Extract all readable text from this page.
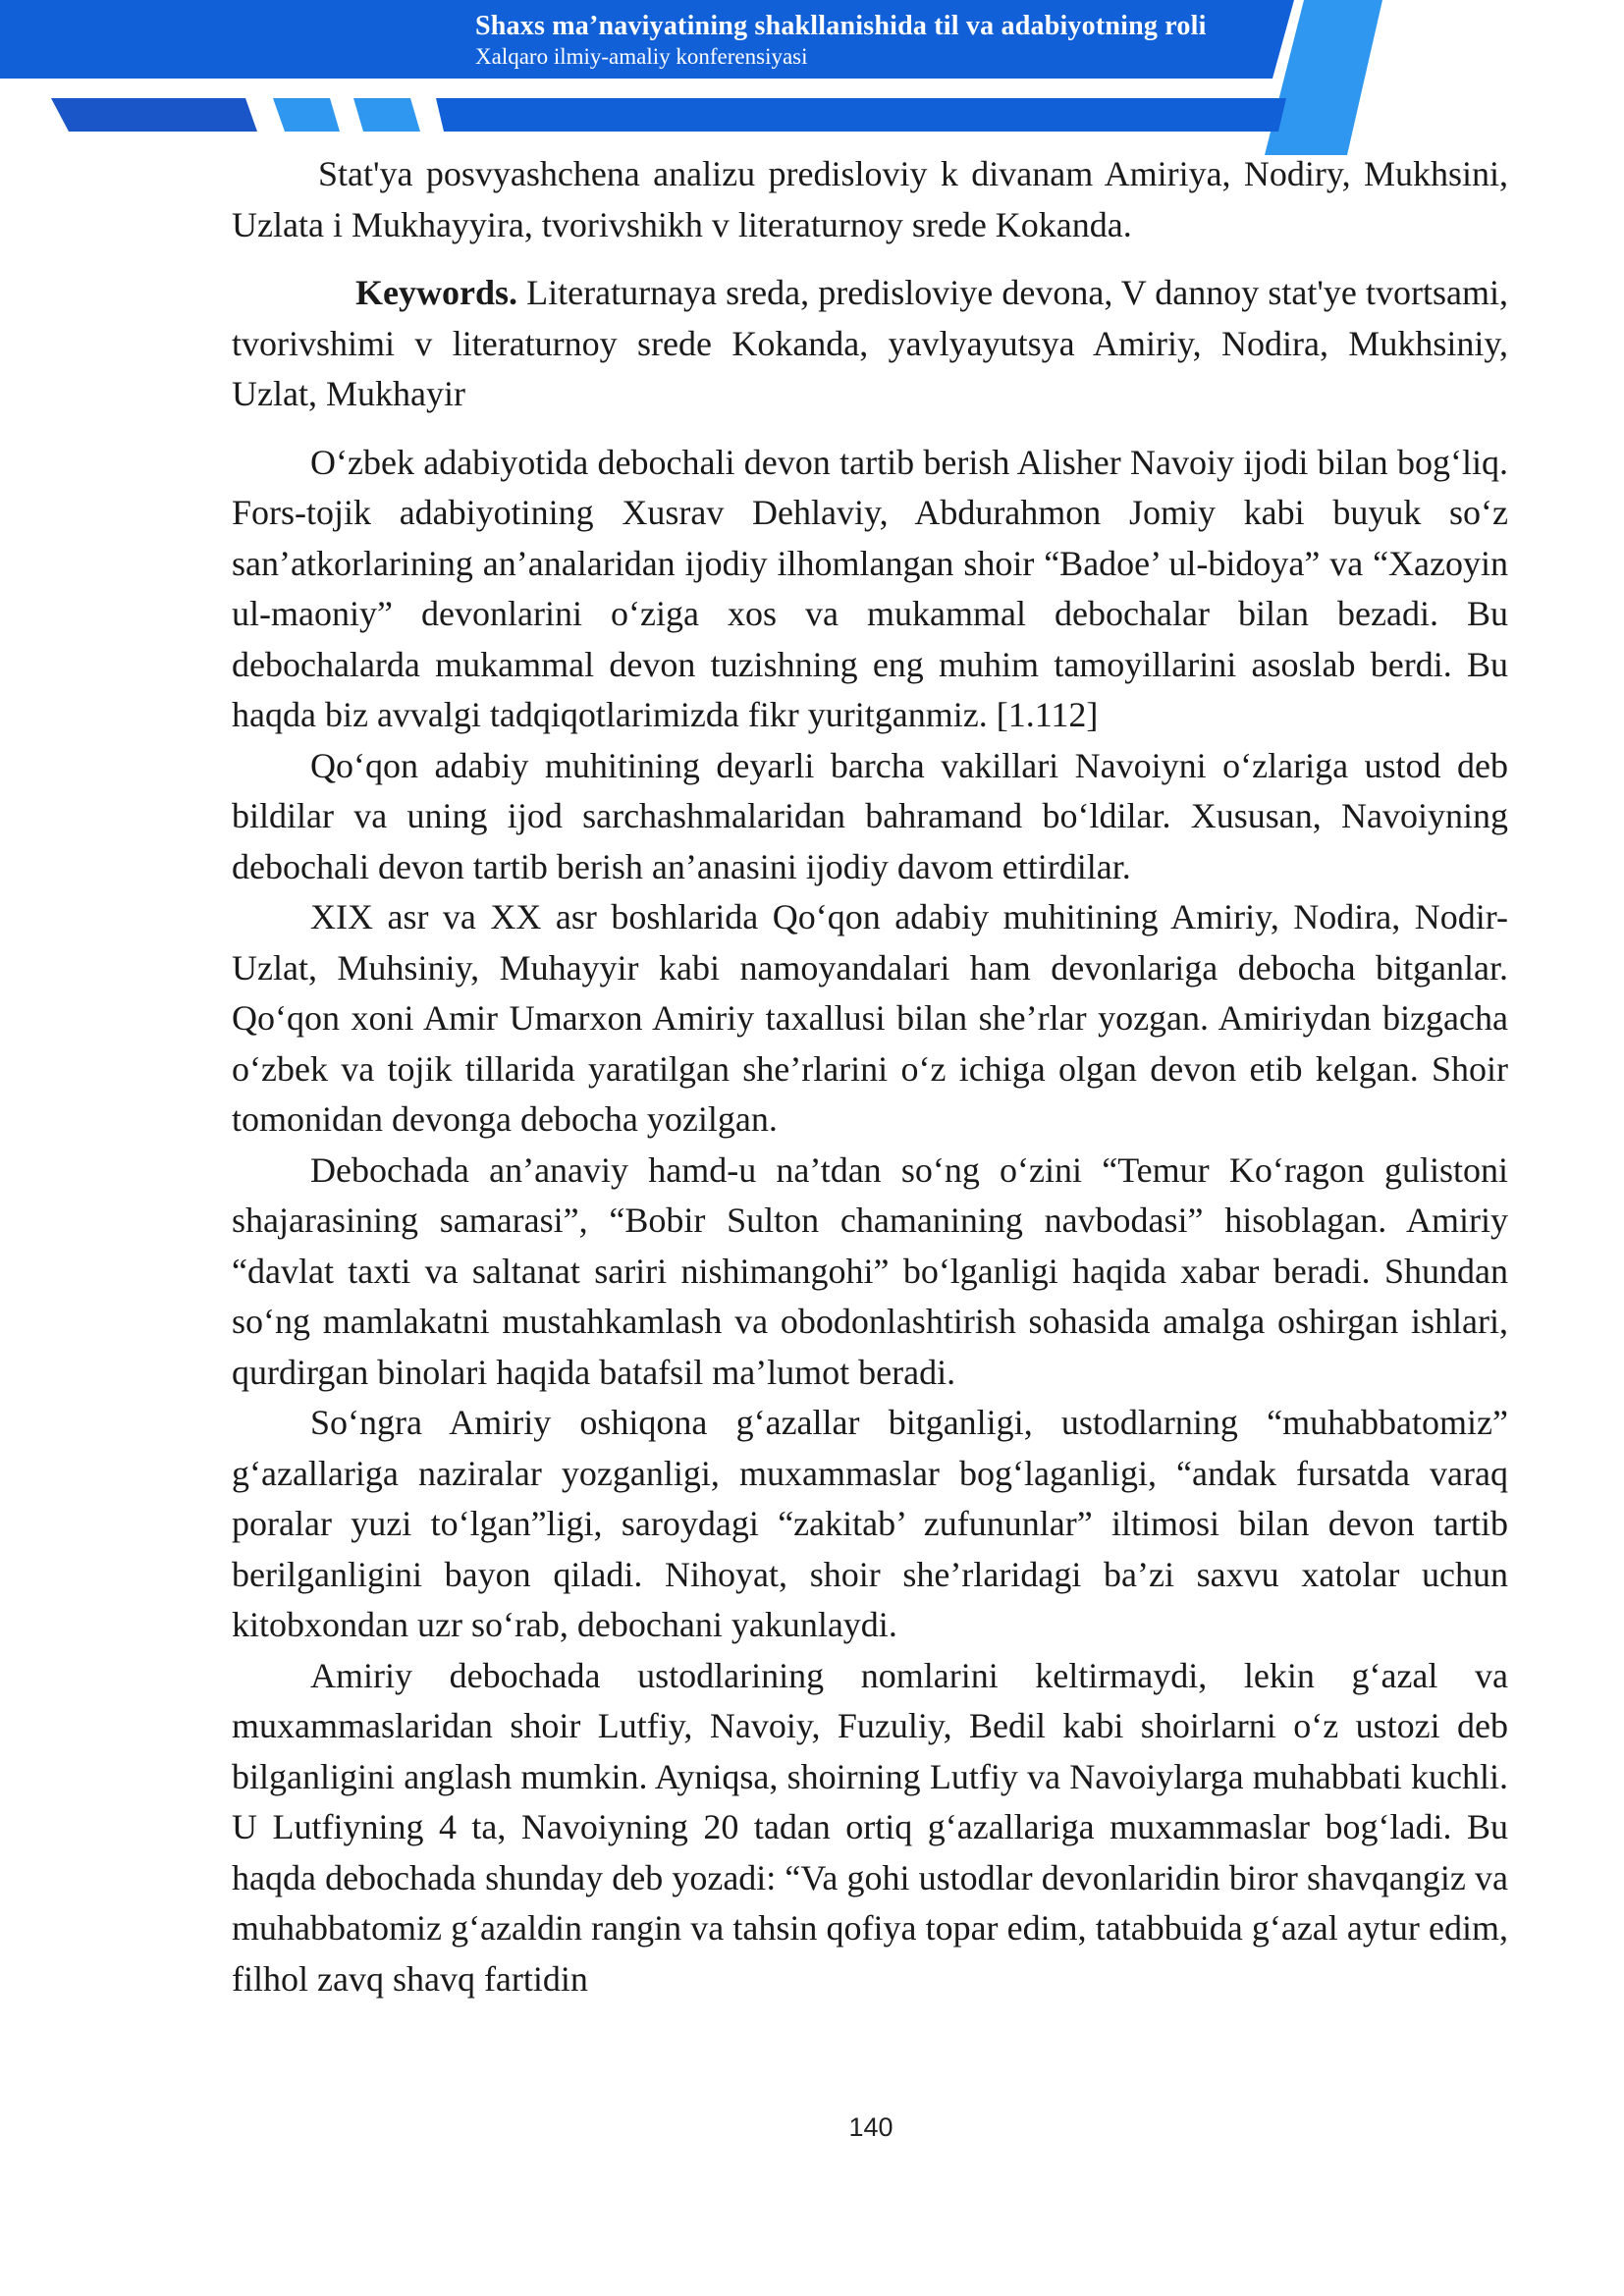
Shaxs ma’naviyatining shakllanishida til va adabiyotning roli
Xalqaro ilmiy-amaliy konferensiyasi

Stat'ya posvyashchena analizu predisloviy k divanam Amiriya, Nodiry, Mukhsini, Uzlata i Mukhayyira, tvorivshikh v literaturnoy srede Kokanda.

Keywords. Literaturnaya sreda, predisloviye devona, V dannoy stat'ye tvortsami, tvorivshimi v literaturnoy srede Kokanda, yavlyayutsya Amiriy, Nodira, Mukhsiniy, Uzlat, Mukhayir

O‘zbek adabiyotida debochali devon tartib berish Alisher Navoiy ijodi bilan bog‘liq. Fors-tojik adabiyotining Xusrav Dehlaviy, Abdurahmon Jomiy kabi buyuk so‘z san’atkorlarining an’analaridan ijodiy ilhomlangan shoir “Badoe’ ul-bidoya” va “Xazoyin ul-maoniy” devonlarini o‘ziga xos va mukammal debochalar bilan bezadi. Bu debochalarda mukammal devon tuzishning eng muhim tamoyillarini asoslab berdi. Bu haqda biz avvalgi tadqiqotlarimizda fikr yuritganmiz. [1.112]

Qo‘qon adabiy muhitining deyarli barcha vakillari Navoiyni o‘zlariga ustod deb bildilar va uning ijod sarchashmalaridan bahramand bo‘ldilar. Xususan, Navoiyning debochali devon tartib berish an’anasini ijodiy davom ettirdilar.

XIX asr va XX asr boshlarida Qo‘qon adabiy muhitining Amiriy, Nodira, Nodir-Uzlat, Muhsiniy, Muhayyir kabi namoyandalari ham devonlariga debocha bitganlar. Qo‘qon xoni Amir Umarxon Amiriy taxallusi bilan she’rlar yozgan. Amiriydan bizgacha o‘zbek va tojik tillarida yaratilgan she’rlarini o‘z ichiga olgan devon etib kelgan. Shoir tomonidan devonga debocha yozilgan.

Debochada an’anaviy hamd-u na’tdan so‘ng o‘zini “Temur Ko‘ragon gulistoni shajarasining samarasi”, “Bobir Sulton chamanining navbodasi” hisoblagan. Amiriy “davlat taxti va saltanat sariri nishimangohi” bo‘lganligi haqida xabar beradi. Shundan so‘ng mamlakatni mustahkamlash va obodonlashtirish sohasida amalga oshirgan ishlari, qurdirgan binolari haqida batafsil ma’lumot beradi.

So‘ngra Amiriy oshiqona g‘azallar bitganligi, ustodlarning “muhabbatomiz” g‘azallariga naziralar yozganligi, muxammaslar bog‘laganligi, “andak fursatda varaq poralar yuzi to‘lgan”ligi, saroydagi “zakitab’ zufununlar” iltimosi bilan devon tartib berilganligini bayon qiladi. Nihoyat, shoir she’rlaridagi ba’zi saxvu xatolar uchun kitobxondan uzr so‘rab, debochani yakunlaydi.

Amiriy debochada ustodlarining nomlarini keltirmaydi, lekin g‘azal va muxammaslaridan shoir Lutfiy, Navoiy, Fuzuliy, Bedil kabi shoirlarni o‘z ustozi deb bilganligini anglash mumkin. Ayniqsa, shoirning Lutfiy va Navoiylarga muhabbati kuchli. U Lutfiyning 4 ta, Navoiyning 20 tadan ortiq g‘azallariga muxammaslar bog‘ladi. Bu haqda debochada shunday deb yozadi: “Va gohi ustodlar devonlaridin biror shavqangiz va muhabbatomiz g‘azaldin rangin va tahsin qofiya topar edim, tatabbuida g‘azal aytur edim, filhol zavq shavq fartidin

140
